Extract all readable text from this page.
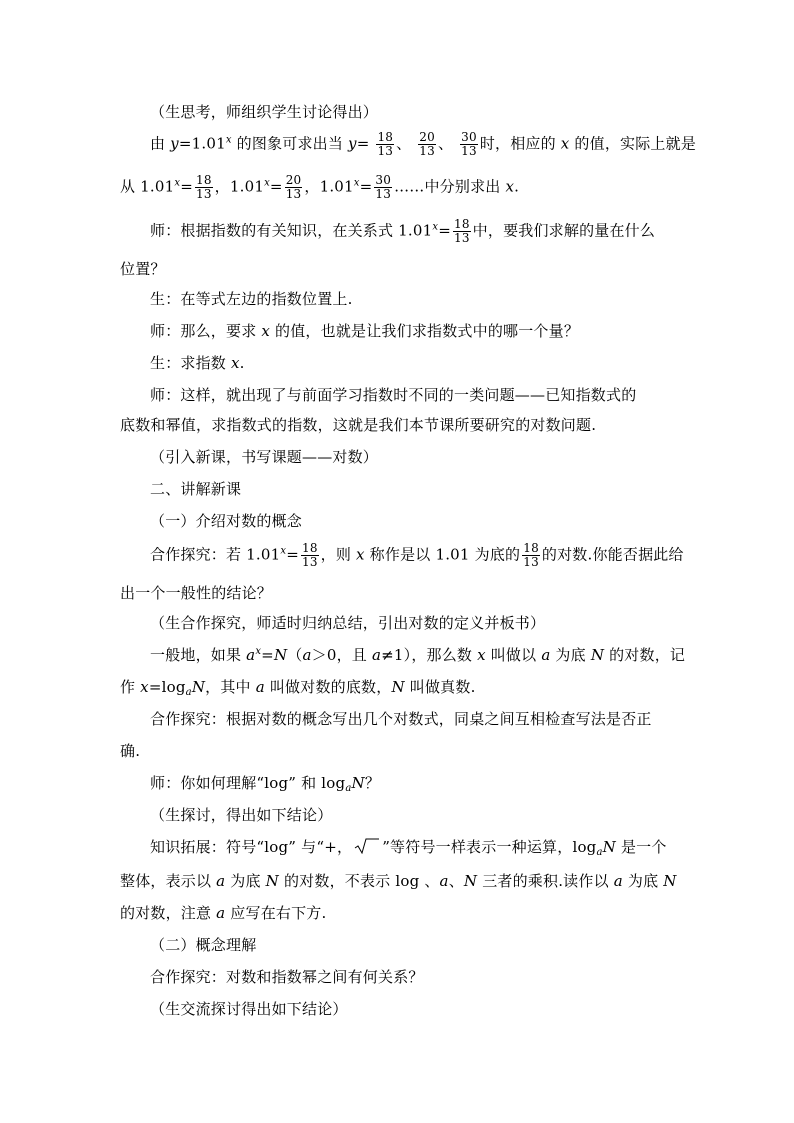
（生思考，师组织学生讨论得出）
由 $y=1.01^x$ 的图象可求出当 $y= \frac{18}{13}$ 、 $\frac{20}{13}$ 、 $\frac{30}{13}$ 时，相应的 x 的值，实际上就是
从 $1.01^x= \frac{18}{13}$ ，$1.01^x= \frac{20}{13}$ ，$1.01^x= \frac{30}{13}$ ……中分别求出 x.
师：根据指数的有关知识，在关系式 $1.01^x= \frac{18}{13}$ 中，要我们求解的量在什么
位置？
生：在等式左边的指数位置上.
师：那么，要求 x 的值，也就是让我们求指数式中的哪一个量？
生：求指数 x.
师：这样，就出现了与前面学习指数时不同的一类问题——已知指数式的
底数和幂值，求指数式的指数，这就是我们本节课所要研究的对数问题.
（引入新课，书写课题——对数）
二、讲解新课
（一）介绍对数的概念
合作探究：若 $1.01^x= \frac{18}{13}$ ，则 x 称作是以 1.01 为底的 $\frac{18}{13}$ 的对数.你能否据此给
出一个一般性的结论？
（生合作探究，师适时归纳总结，引出对数的定义并板书）
一般地，如果 $a^x=N(a>0$，且 a≠1），那么数 x 叫做以 a 为底 N 的对数，记
作 $x=\log_aN$，其中 a 叫做对数的底数，N 叫做真数.
合作探究：根据对数的概念写出几个对数式，同桌之间互相检查写法是否正
确.
师：你如何理解“log” 和 $\log_aN$？
（生探讨，得出如下结论）
知识拓展：符号“log” 与“+， ”等符号一样表示一种运算，$\log_aN$ 是一个
整体，表示以 a 为底 N 的对数，不表示 log 、a、N 三者的乘积.读作以 a 为底 N
的对数，注意 a 应写在右下方.
（二）概念理解
合作探究：对数和指数幂之间有何关系？
（生交流探讨得出如下结论）
